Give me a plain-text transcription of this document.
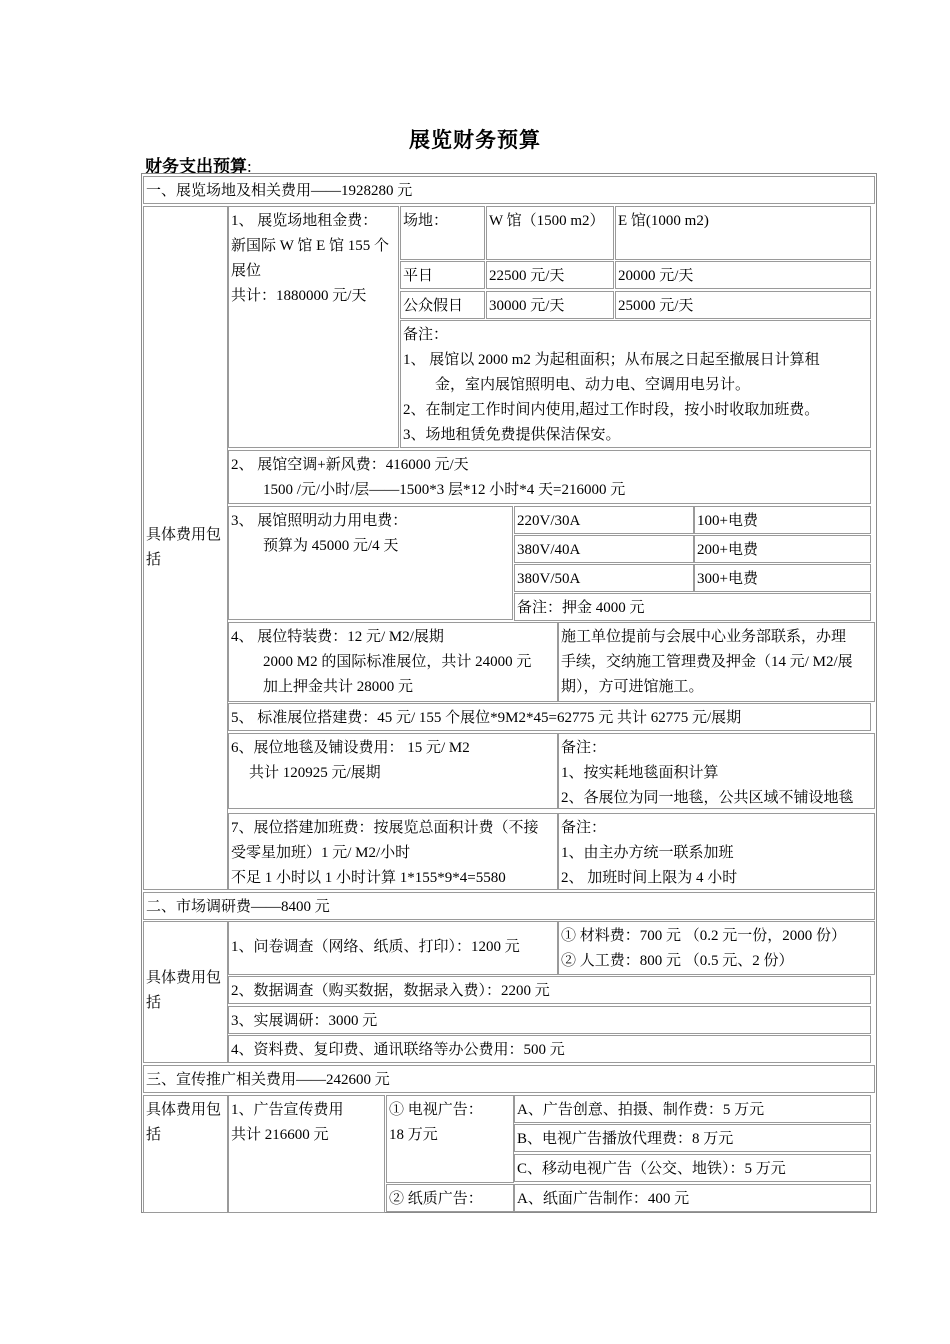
展览财务预算
财务支出预算:
一、展览场地及相关费用——1928280 元
具体费用包括
1、 展览场地租金费：
新国际 W 馆 E 馆 155 个
展位
共计：1880000 元/天
场地：	W 馆（1500 m2） E 馆(1000 m2)
平日	22500 元/天	20000 元/天
公众假日	30000 元/天	25000 元/天
备注：
1、 展馆以 2000 m2 为起租面积；从布展之日起至撤展日计算租
金，室内展馆照明电、动力电、空调用电另计。
2、在制定工作时间内使用,超过工作时段，按小时收取加班费。
3、场地租赁免费提供保洁保安。
2、 展馆空调+新风费：416000 元/天
1500 /元/小时/层——1500*3 层*12 小时*4 天=216000 元
3、 展馆照明动力用电费：
预算为 45000 元/4 天
220V/30A	100+电费
380V/40A	200+电费
380V/50A	300+电费
备注：押金 4000 元
4、 展位特装费：12 元/ M2/展期
2000 M2 的国际标准展位，共计 24000 元
加上押金共计 28000 元
施工单位提前与会展中心业务部联系，办理
手续，交纳施工管理费及押金（14 元/ M2/展
期），方可进馆施工。
5、 标准展位搭建费：45 元/ 155 个展位*9M2*45=62775 元 共计 62775 元/展期
6、展位地毯及铺设费用： 15 元/ M2
共计 120925 元/展期
备注：
1、按实耗地毯面积计算
2、各展位为同一地毯，公共区域不铺设地毯
7、展位搭建加班费：按展览总面积计费（不接
受零星加班）1 元/ M2/小时
不足 1 小时以 1 小时计算 1*155*9*4=5580
备注：
1、由主办方统一联系加班
2、 加班时间上限为 4 小时
二、市场调研费——8400 元
具体费用包括
1、问卷调查（网络、纸质、打印）：1200 元
① 材料费：700 元 （0.2 元一份，2000 份）
② 人工费：800 元 （0.5 元、2 份）
2、数据调查（购买数据，数据录入费）：2200 元
3、实展调研：3000 元
4、资料费、复印费、通讯联络等办公费用：500 元
三、宣传推广相关费用——242600 元
具体费用包括
1、广告宣传费用
共计 216600 元
① 电视广告：
18 万元
A、广告创意、拍摄、制作费：5 万元
B、电视广告播放代理费：8 万元
C、移动电视广告（公交、地铁）：5 万元
② 纸质广告：	A、纸面广告制作：400 元
